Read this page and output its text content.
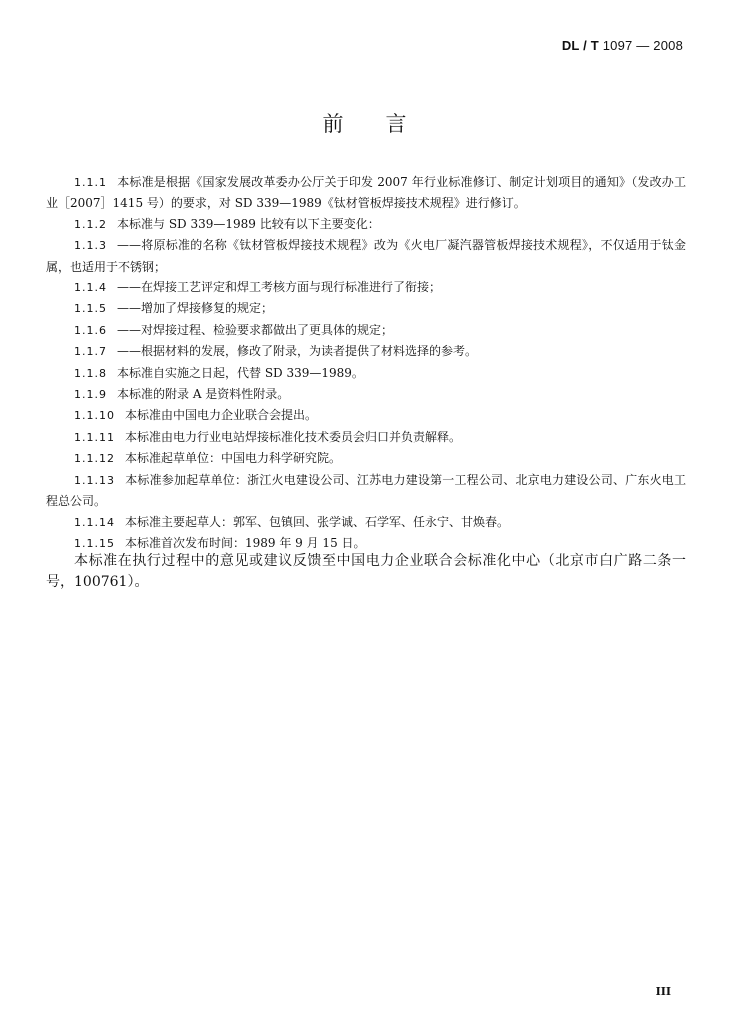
DL / T 1097 — 2008
前言
1.1.1 本标准是根据《国家发展改革委办公厅关于印发 2007 年行业标准修订、制定计划项目的通知》（发改办工业［2007］1415 号）的要求，对 SD 339—1989《钛材管板焊接技术规程》进行修订。
1.1.2 本标准与 SD 339—1989 比较有以下主要变化：
1.1.3 ——将原标准的名称《钛材管板焊接技术规程》改为《火电厂凝汽器管板焊接技术规程》，不仅适用于钛金属，也适用于不锈钢；
1.1.4 ——在焊接工艺评定和焊工考核方面与现行标准进行了衔接；
1.1.5 ——增加了焊接修复的规定；
1.1.6 ——对焊接过程、检验要求都做出了更具体的规定；
1.1.7 ——根据材料的发展，修改了附录，为读者提供了材料选择的参考。
1.1.8 本标准自实施之日起，代替 SD 339—1989。
1.1.9 本标准的附录 A 是资料性附录。
1.1.10 本标准由中国电力企业联合会提出。
1.1.11 本标准由电力行业电站焊接标准化技术委员会归口并负责解释。
1.1.12 本标准起草单位：中国电力科学研究院。
1.1.13 本标准参加起草单位：浙江火电建设公司、江苏电力建设第一工程公司、北京电力建设公司、广东火电工程总公司。
1.1.14 本标准主要起草人：郭军、包镇回、张学诚、石学军、任永宁、甘焕春。
1.1.15 本标准首次发布时间：1989 年 9 月 15 日。
本标准在执行过程中的意见或建议反馈至中国电力企业联合会标准化中心（北京市白广路二条一号，100761）。
III
